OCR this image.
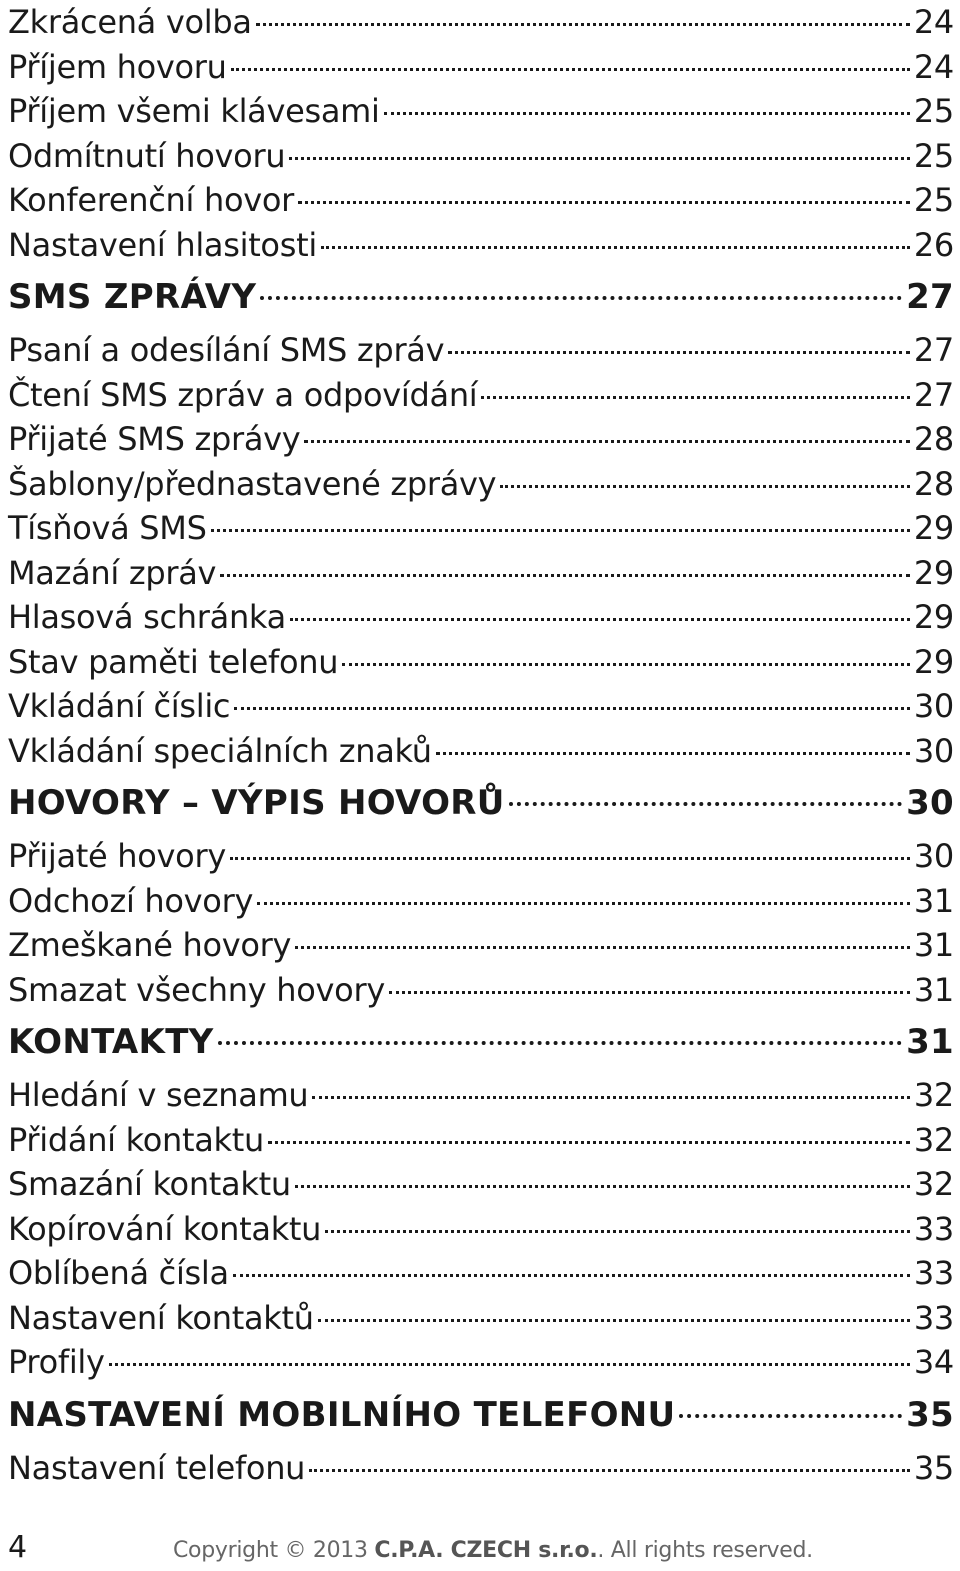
Zkrácená volba	24
Příjem hovoru	24
Příjem všemi klávesami	25
Odmítnutí hovoru	25
Konferenční hovor	25
Nastavení hlasitosti	26
SMS ZPRÁVY	27
Psaní a odesílání SMS zpráv	27
Čtení SMS zpráv a odpovídání	27
Přijaté SMS zprávy	28
Šablony/přednastavené zprávy	28
Tísňová SMS	29
Mazání zpráv	29
Hlasová schránka	29
Stav paměti telefonu	29
Vkládání číslic	30
Vkládání speciálních znaků	30
HOVORY – VÝPIS HOVORŮ	30
Přijaté hovory	30
Odchozí hovory	31
Zmeškané hovory	31
Smazat všechny hovory	31
KONTAKTY	31
Hledání v seznamu	32
Přidání kontaktu	32
Smazání kontaktu	32
Kopírování kontaktu	33
Oblíbená čísla	33
Nastavení kontaktů	33
Profily	34
NASTAVENÍ MOBILNÍHO TELEFONU	35
Nastavení telefonu	35
4	Copyright © 2013 C.P.A. CZECH s.r.o.. All rights reserved.
